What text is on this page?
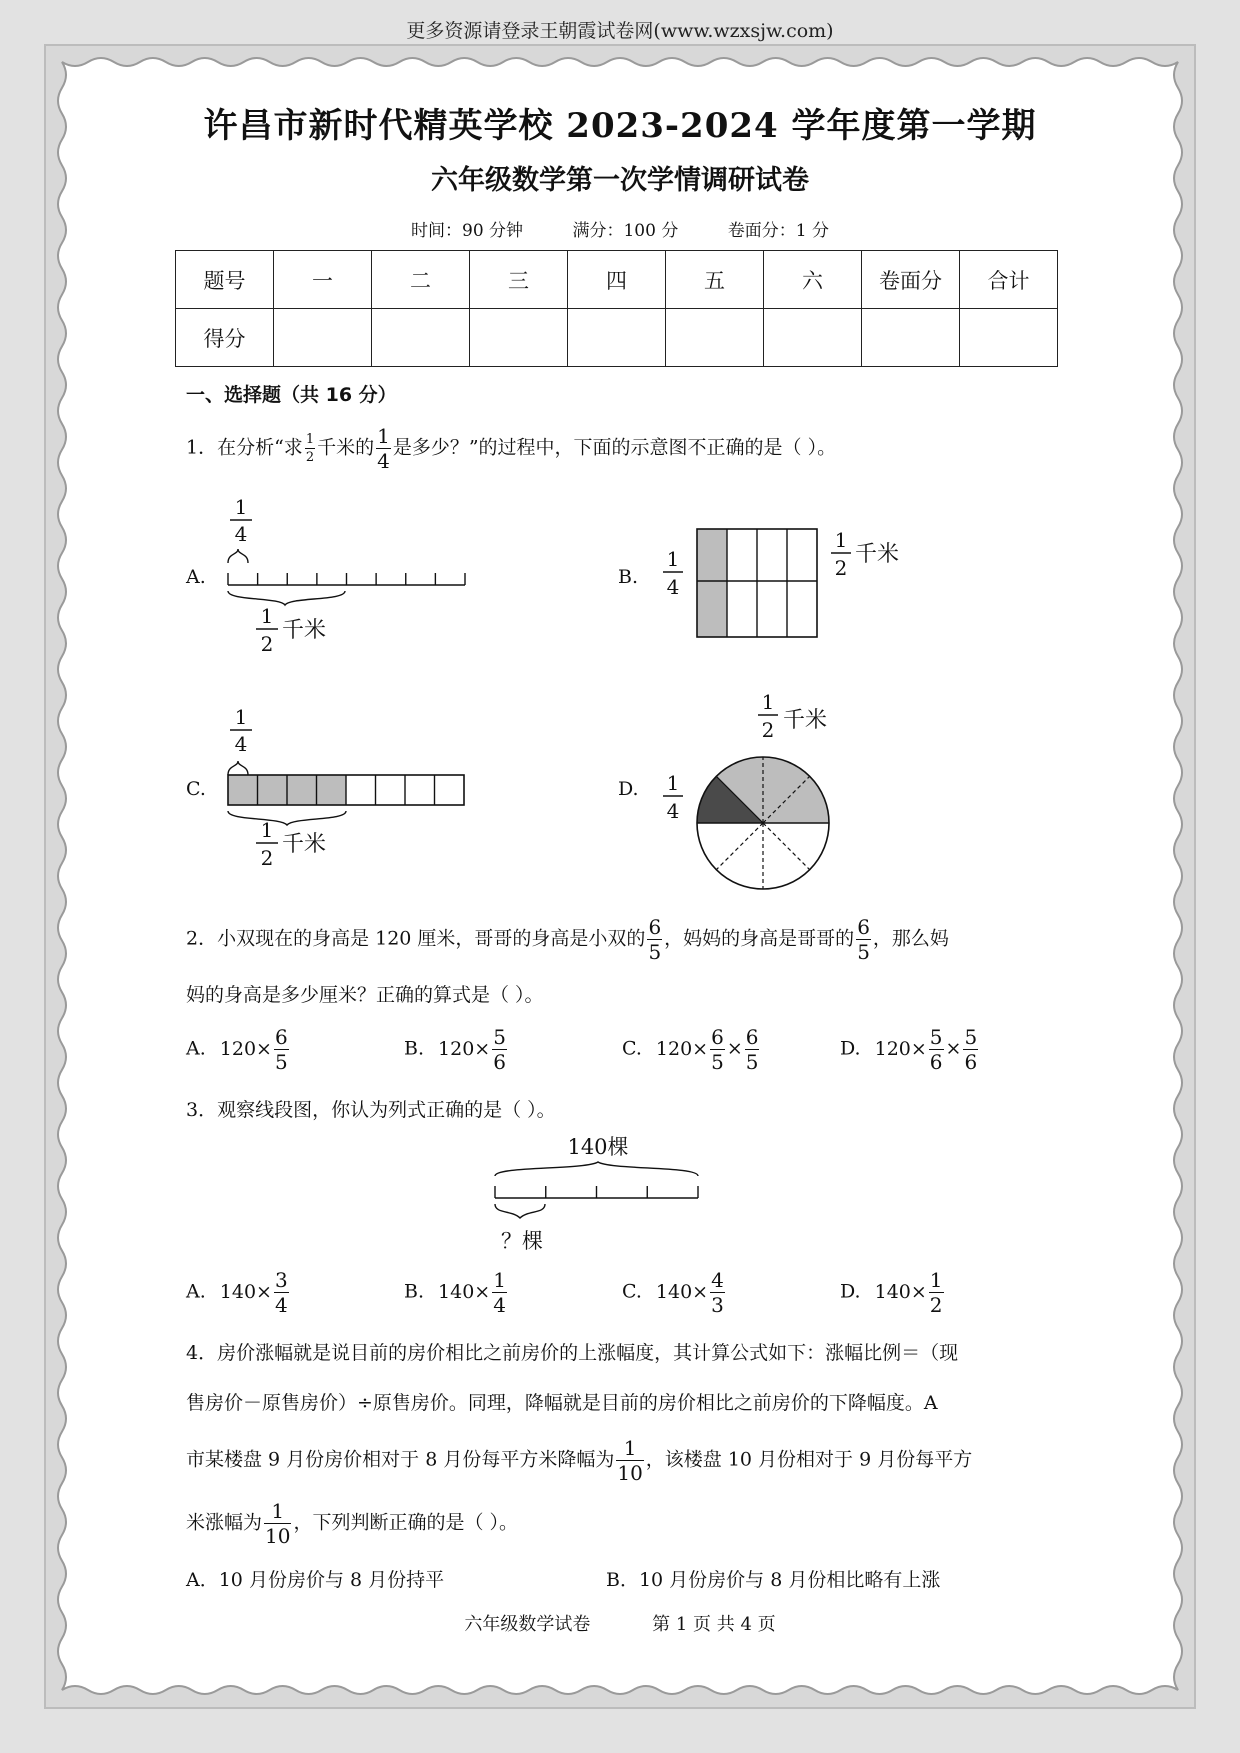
更多资源请登录王朝霞试卷网(www.wzxsjw.com)
许昌市新时代精英学校 2023-2024 学年度第一学期
六年级数学第一次学情调研试卷
时间：90 分钟	满分：100 分	卷面分：1 分
题号	一	二	三	四	五	六	卷面分	合计
得分								
一、选择题（共 16 分）
1．在分析“求 $\frac{1}{2}$ 千米的 $\frac{1}{4}$ 是多少？”的过程中，下面的示意图不正确的是（ ）。
A.
1
4
1
2
千米
B.
1
4
1
2
千米
C.
1
4
1
2
千米
D. 1
4
1
2 千米
2．小双现在的身高是 120 厘米，哥哥的身高是小双的 $\frac{6}{5}$ ，妈妈的身高是哥哥的 $\frac{6}{5}$ ，那么妈
妈的身高是多少厘米？正确的算式是（ ）。
A. $120\times \frac{6}{5}$	B. $120\times \frac{5}{6}$	C. $120\times \frac{6}{5} \times \frac{6}{5}$	D. $120\times \frac{5}{6} \times \frac{5}{6}$
3．观察线段图，你认为列式正确的是（ ）。
140棵
？棵
A. $140\times \frac{3}{4}$	B. $140\times \frac{1}{4}$	C. $140\times \frac{4}{3}$	D. $140\times \frac{1}{2}$
4．房价涨幅就是说目前的房价相比之前房价的上涨幅度，其计算公式如下：涨幅比例＝（现
售房价－原售房价）÷原售房价。同理，降幅就是目前的房价相比之前房价的下降幅度。A
市某楼盘 9 月份房价相对于 8 月份每平方米降幅为 $\frac{1}{10}$ ，该楼盘 10 月份相对于 9 月份每平方
米涨幅为 $\frac{1}{10}$ ，下列判断正确的是（ ）。
A．10 月份房价与 8 月份持平	B．10 月份房价与 8 月份相比略有上涨
六年级数学试卷	第 1 页 共 4 页
